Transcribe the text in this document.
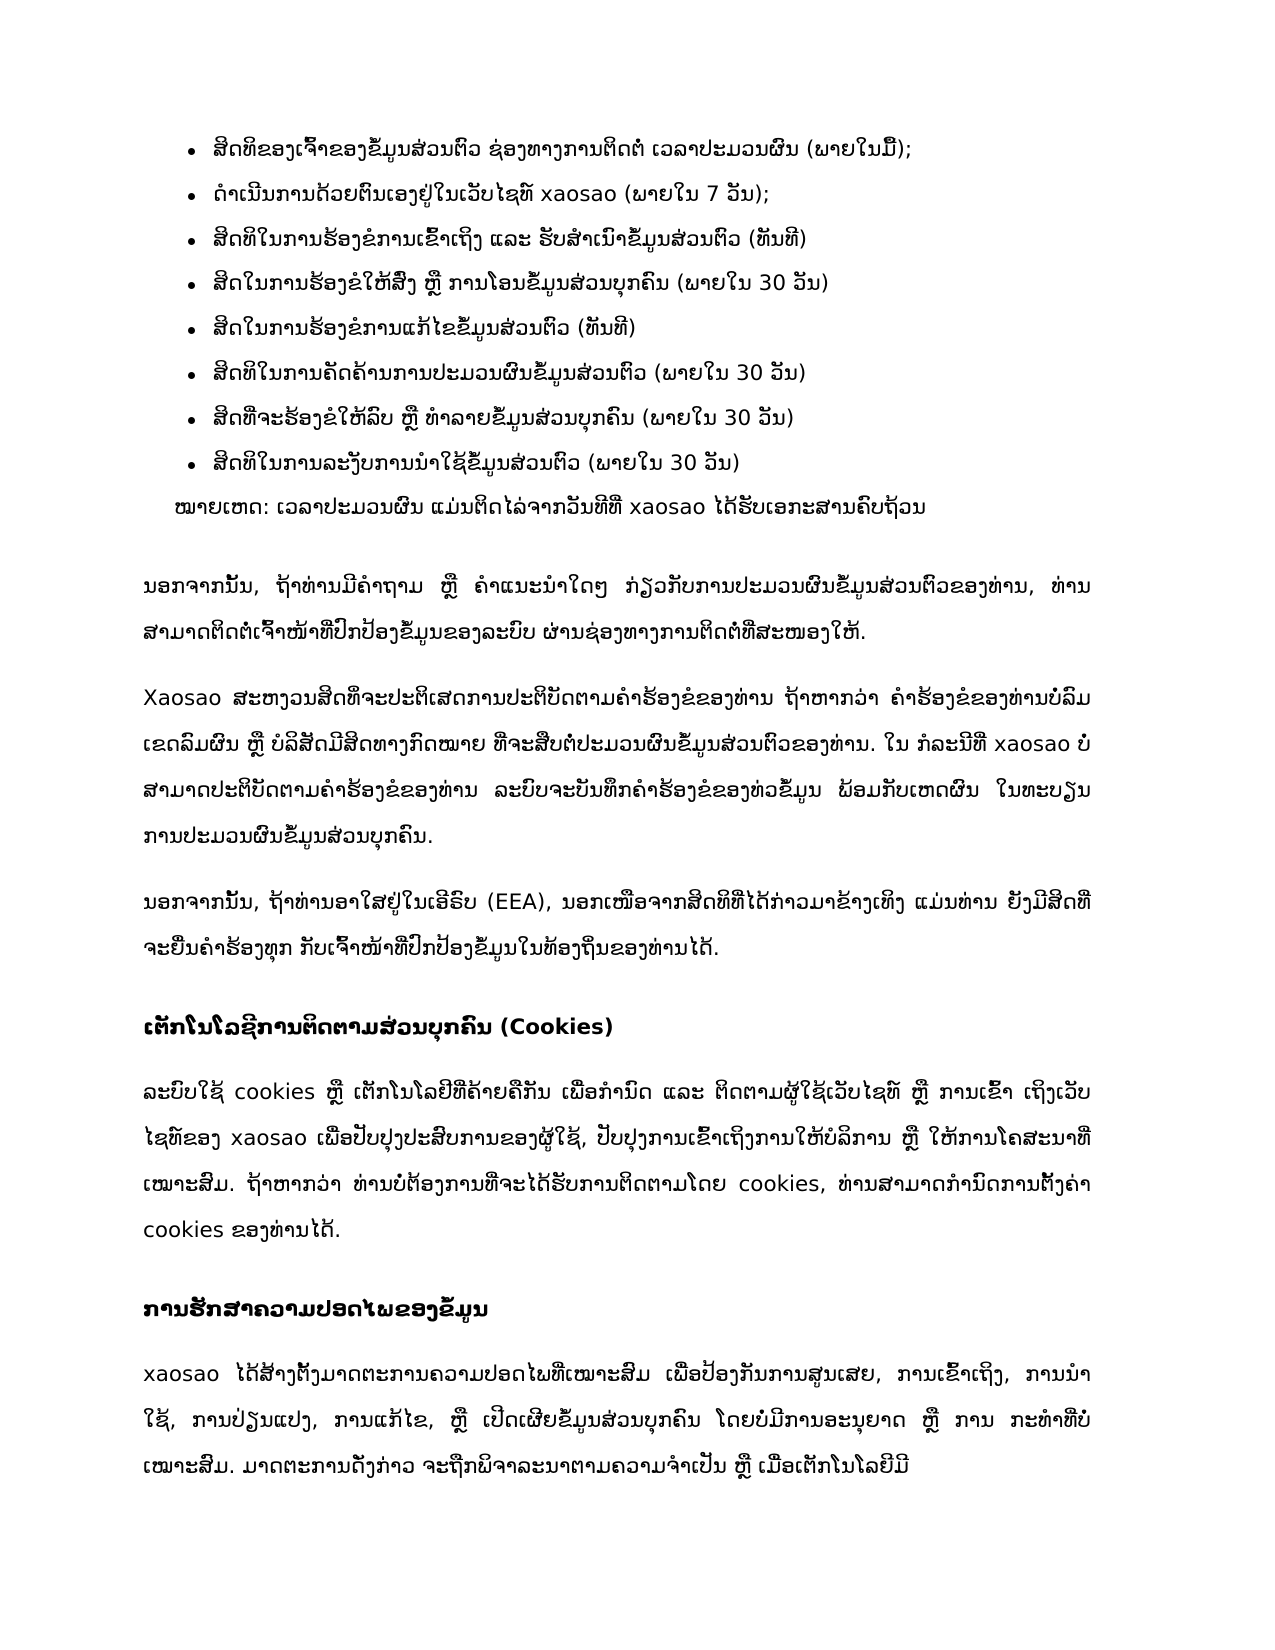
ສິດທິຂອງເຈົ້າຂອງຂໍ້ມູນສ່ວນຕົວ ຊ່ອງທາງການຕິດຕໍ່ ເວລາປະມວນຜົນ (ພາຍໃນມື້);
ດຳເນີນການດ້ວຍຕົນເອງຢູ່ໃນເວັບໄຊທ໌ xaosao (ພາຍໃນ 7 ວັນ);
ສິດທິໃນການຮ້ອງຂໍການເຂົ້າເຖິງ ແລະ ຮັບສຳເນົາຂໍ້ມູນສ່ວນຕົວ (ທັນທີ)
ສິດໃນການຮ້ອງຂໍໃຫ້ສົ່ງ ຫຼື ການໂອນຂໍ້ມູນສ່ວນບຸກຄົນ (ພາຍໃນ 30 ວັນ)
ສິດໃນການຮ້ອງຂໍການແກ້ໄຂຂໍ້ມູນສ່ວນຕົວ (ທັນທີ)
ສິດທິໃນການຄັດຄ້ານການປະມວນຜົນຂໍ້ມູນສ່ວນຕົວ (ພາຍໃນ 30 ວັນ)
ສິດທີ່ຈະຮ້ອງຂໍໃຫ້ລົບ ຫຼື ທຳລາຍຂໍ້ມູນສ່ວນບຸກຄົນ (ພາຍໃນ 30 ວັນ)
ສິດທິໃນການລະງັບການນຳໃຊ້ຂໍ້ມູນສ່ວນຕົວ (ພາຍໃນ 30 ວັນ)
ໝາຍເຫດ: ເວລາປະມວນຜົນ ແມ່ນຕິດໄລ່ຈາກວັນທີທີ່ xaosao ໄດ້ຮັບເອກະສານຄົບຖ້ວນ

ນອກຈາກນັ້ນ, ຖ້າທ່ານມີຄຳຖາມ ຫຼື ຄຳແນະນຳໃດໆ ກ່ຽວກັບການປະມວນຜົນຂໍ້ມູນສ່ວນຕົວຂອງທ່ານ, ທ່ານສາມາດຕິດຕໍ່ເຈົ້າໜ້າທີ່ປົກປ້ອງຂໍ້ມູນຂອງລະບົບ ຜ່ານຊ່ອງທາງການຕິດຕໍ່ທີ່ສະໜອງໃຫ້.

Xaosao ສະຫງວນສິດທິ່ຈະປະຕິເສດການປະຕິບັດຕາມຄຳຮ້ອງຂໍຂອງທ່ານ ຖ້າຫາກວ່າ ຄຳຮ້ອງຂໍຂອງທ່ານບໍ່ລົມເຂດລົມຜົນ ຫຼື ບໍລິສັດມີສິດທາງກົດໝາຍ ທີ່ຈະສືບຕໍ່ປະມວນຜົນຂໍ້ມູນສ່ວນຕົວຂອງທ່ານ. ໃນ ກໍລະນີທີ່ xaosao ບໍ່ສາມາດປະຕິບັດຕາມຄຳຮ້ອງຂໍຂອງທ່ານ ລະບົບຈະບັນທຶກຄຳຮ້ອງຂໍຂອງທ່ວຂໍ້ມູນ ພ້ອມກັບເຫດຜົນ ໃນທະບຽນການປະມວນຜົນຂໍ້ມູນສ່ວນບຸກຄົນ.

ນອກຈາກນັ້ນ, ຖ້າທ່ານອາໃສຢູ່ໃນເອີຣົບ (EEA), ນອກເໜືອຈາກສິດທິທີ່ໄດ້ກ່າວມາຂ້າງເທິງ ແມ່ນທ່ານ ຍັງມີສິດທີ່ຈະຍື່ນຄຳຮ້ອງທຸກ ກັບເຈົ້າໜ້າທີ່ປົກປ້ອງຂໍ້ມູນໃນທ້ອງຖິ່ນຂອງທ່ານໄດ້.

ເຕັກໂນໂລຊີການຕິດຕາມສ່ວນບຸກຄົນ (Cookies)

ລະບົບໃຊ້ cookies ຫຼື ເຕັກໂນໂລຢີທີ່ຄ້າຍຄືກັນ ເພື່ອກຳນົດ ແລະ ຕິດຕາມຜູ້ໃຊ້ເວັບໄຊທ໌ ຫຼື ການເຂົ້າ ເຖິງເວັບໄຊທ໌ຂອງ xaosao ເພື່ອປັບປຸງປະສົບການຂອງຜູ້ໃຊ້, ປັບປຸງການເຂົ້າເຖິງການໃຫ້ບໍລິການ ຫຼື ໃຫ້ການໂຄສະນາທີ່ເໝາະສົມ. ຖ້າຫາກວ່າ ທ່ານບໍ່ຕ້ອງການທີ່ຈະໄດ້ຮັບການຕິດຕາມໂດຍ cookies, ທ່ານສາມາດກຳນົດການຕັ້ງຄ່າ cookies ຂອງທ່ານໄດ້.

ການຮັກສາຄວາມປອດໄພຂອງຂໍ້ມູນ

xaosao ໄດ້ສ້າງຕັ້ງມາດຕະການຄວາມປອດໄພທີ່ເໝາະສົມ ເພື່ອປ້ອງກັນການສູນເສຍ, ການເຂົ້າເຖິງ, ການນຳໃຊ້, ການປ່ຽນແປງ, ການແກ້ໄຂ, ຫຼື ເປີດເຜີຍຂໍ້ມູນສ່ວນບຸກຄົນ ໂດຍບໍ່ມີການອະນຸຍາດ ຫຼື ການ ກະທຳທີ່ບໍ່ເໝາະສົມ. ມາດຕະການດັ່ງກ່າວ ຈະຖືກພິຈາລະນາຕາມຄວາມຈຳເປັນ ຫຼື ເມື່ອເຕັກໂນໂລຍີມີ
